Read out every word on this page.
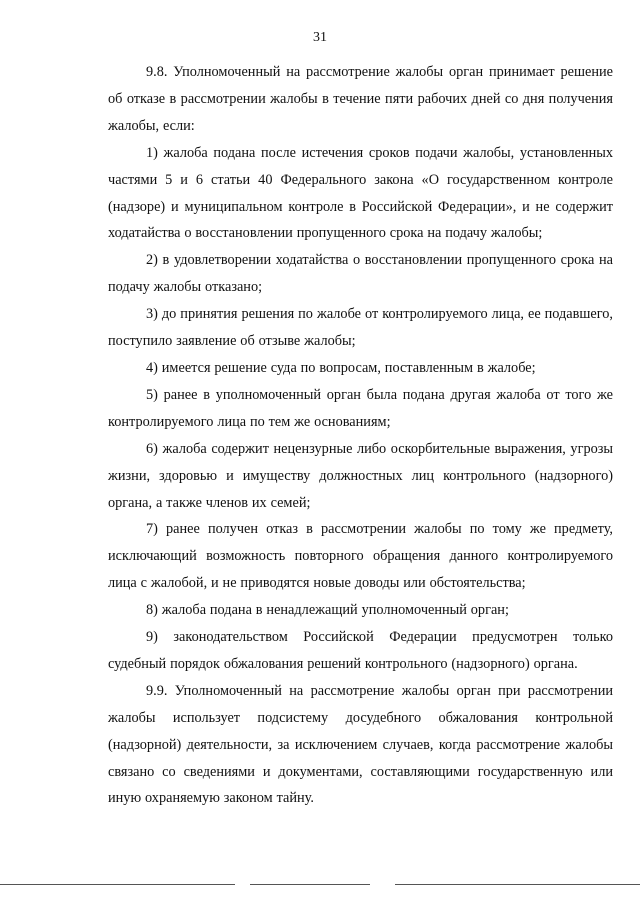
31

9.8. Уполномоченный на рассмотрение жалобы орган принимает решение об отказе в рассмотрении жалобы в течение пяти рабочих дней со дня получения жалобы, если:

1) жалоба подана после истечения сроков подачи жалобы, установленных частями 5 и 6 статьи 40 Федерального закона «О государственном контроле (надзоре) и муниципальном контроле в Российской Федерации», и не содержит ходатайства о восстановлении пропущенного срока на подачу жалобы;

2) в удовлетворении ходатайства о восстановлении пропущенного срока на подачу жалобы отказано;

3) до принятия решения по жалобе от контролируемого лица, ее подавшего, поступило заявление об отзыве жалобы;

4) имеется решение суда по вопросам, поставленным в жалобе;

5) ранее в уполномоченный орган была подана другая жалоба от того же контролируемого лица по тем же основаниям;

6) жалоба содержит нецензурные либо оскорбительные выражения, угрозы жизни, здоровью и имуществу должностных лиц контрольного (надзорного) органа, а также членов их семей;

7) ранее получен отказ в рассмотрении жалобы по тому же предмету, исключающий возможность повторного обращения данного контролируемого лица с жалобой, и не приводятся новые доводы или обстоятельства;

8) жалоба подана в ненадлежащий уполномоченный орган;

9) законодательством Российской Федерации предусмотрен только судебный порядок обжалования решений контрольного (надзорного) органа.

9.9. Уполномоченный на рассмотрение жалобы орган при рассмотрении жалобы использует подсистему досудебного обжалования контрольной (надзорной) деятельности, за исключением случаев, когда рассмотрение жалобы связано со сведениями и документами, составляющими государственную или иную охраняемую законом тайну.
